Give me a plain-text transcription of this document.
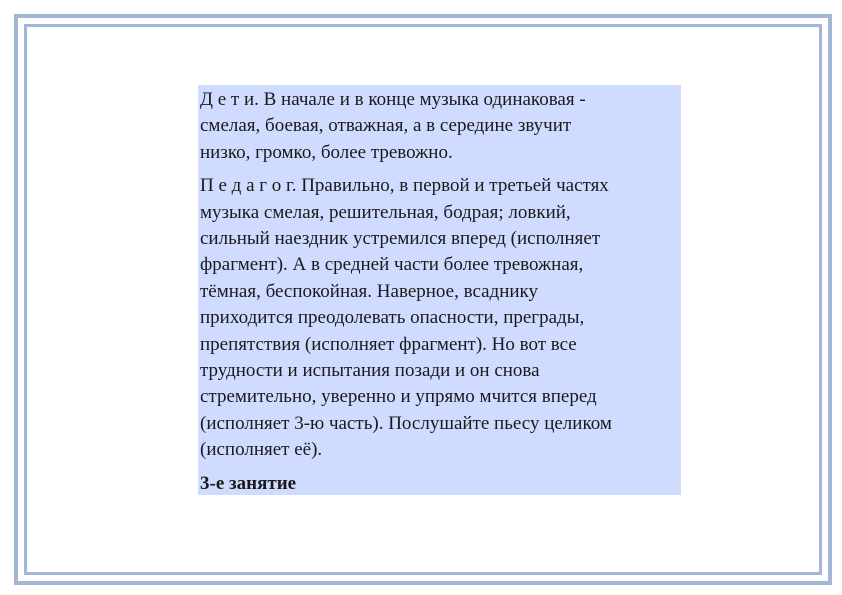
Д е т и. В начале и в конце музыка одинаковая -
смелая, боевая, отважная, а в середине звучит
низко, громко, более тревожно.

П е д а г о г. Правильно, в первой и третьей частях
музыка смелая, решительная, бодрая; ловкий,
сильный наездник устремился вперед (исполняет
фрагмент). А в средней части более тревожная,
тёмная, беспокойная. Наверное, всаднику
приходится преодолевать опасности, преграды,
препятствия (исполняет фрагмент). Но вот все
трудности и испытания позади и он снова
стремительно, уверенно и упрямо мчится вперед
(исполняет 3-ю часть). Послушайте пьесу целиком
(исполняет её).

3-е занятие
